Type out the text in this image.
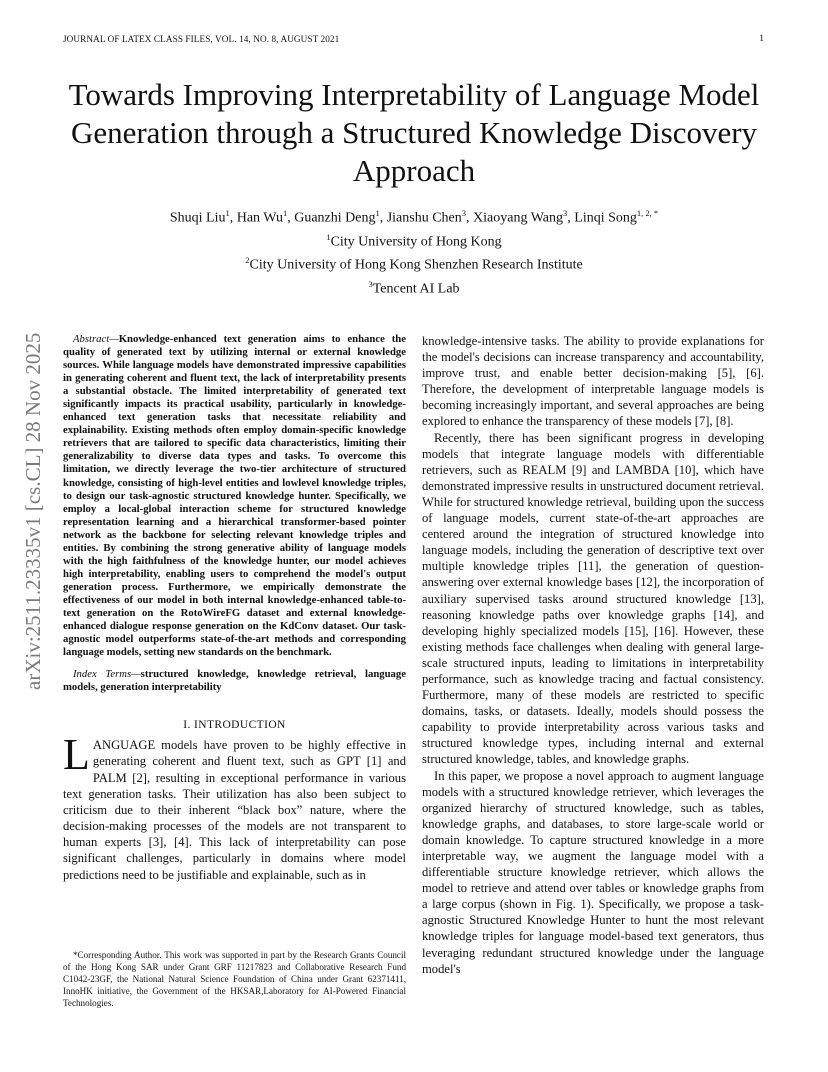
JOURNAL OF LATEX CLASS FILES, VOL. 14, NO. 8, AUGUST 2021	1
Towards Improving Interpretability of Language Model Generation through a Structured Knowledge Discovery Approach
Shuqi Liu$^1$, Han Wu$^1$, Guanzhi Deng$^1$, Jianshu Chen$^3$, Xiaoyang Wang$^3$, Linqi Song$^{1, 2, *}$
$^1$City University of Hong Kong
$^2$City University of Hong Kong Shenzhen Research Institute
$^3$Tencent AI Lab
arXiv:2511.23335v1 [cs.CL] 28 Nov 2025	Abstract—Knowledge-enhanced text generation aims to enhance the quality of generated text by utilizing internal or external knowledge sources. While language models have demonstrated impressive capabilities in generating coherent and fluent text, the lack of interpretability presents a substantial obstacle. The limited interpretability of generated text significantly impacts its practical usability, particularly in knowledge-enhanced text generation tasks that necessitate reliability and explainability. Existing methods often employ domain-specific knowledge retrievers that are tailored to specific data characteristics, limiting their generalizability to diverse data types and tasks. To overcome this limitation, we directly leverage the two-tier architecture of structured knowledge, consisting of high-level entities and lowlevel knowledge triples, to design our task-agnostic structured knowledge hunter. Specifically, we employ a local-global interaction scheme for structured knowledge representation learning and a hierarchical transformer-based pointer network as the backbone for selecting relevant knowledge triples and entities. By combining the strong generative ability of language models with the high faithfulness of the knowledge hunter, our model achieves high interpretability, enabling users to comprehend the model's output generation process. Furthermore, we empirically demonstrate the effectiveness of our model in both internal knowledge-enhanced table-to-text generation on the RotoWireFG dataset and external knowledge-enhanced dialogue response generation on the KdConv dataset. Our task-agnostic model outperforms state-of-the-art methods and corresponding language models, setting new standards on the benchmark.

Index Terms—structured knowledge, knowledge retrieval, language models, generation interpretability

I. INTRODUCTION

LANGUAGE models have proven to be highly effective in generating coherent and fluent text, such as GPT [1] and PALM [2], resulting in exceptional performance in various text generation tasks. Their utilization has also been subject to criticism due to their inherent “black box” nature, where the decision-making processes of the models are not transparent to human experts [3], [4]. This lack of interpretability can pose significant challenges, particularly in domains where model predictions need to be justifiable and explainable, such as in

*Corresponding Author. This work was supported in part by the Research Grants Council of the Hong Kong SAR under Grant GRF 11217823 and Collaborative Research Fund C1042-23GF, the National Natural Science Foundation of China under Grant 62371411, InnoHK initiative, the Government of the HKSAR,Laboratory for AI-Powered Financial Technologies.

knowledge-intensive tasks. The ability to provide explanations for the model's decisions can increase transparency and accountability, improve trust, and enable better decision-making [5], [6]. Therefore, the development of interpretable language models is becoming increasingly important, and several approaches are being explored to enhance the transparency of these models [7], [8].

Recently, there has been significant progress in developing models that integrate language models with differentiable retrievers, such as REALM [9] and LAMBDA [10], which have demonstrated impressive results in unstructured document retrieval. While for structured knowledge retrieval, building upon the success of language models, current state-of-the-art approaches are centered around the integration of structured knowledge into language models, including the generation of descriptive text over multiple knowledge triples [11], the generation of question-answering over external knowledge bases [12], the incorporation of auxiliary supervised tasks around structured knowledge [13], reasoning knowledge paths over knowledge graphs [14], and developing highly specialized models [15], [16]. However, these existing methods face challenges when dealing with general large-scale structured inputs, leading to limitations in interpretability performance, such as knowledge tracing and factual consistency. Furthermore, many of these models are restricted to specific domains, tasks, or datasets. Ideally, models should possess the capability to provide interpretability across various tasks and structured knowledge types, including internal and external structured knowledge, tables, and knowledge graphs.

In this paper, we propose a novel approach to augment language models with a structured knowledge retriever, which leverages the organized hierarchy of structured knowledge, such as tables, knowledge graphs, and databases, to store large-scale world or domain knowledge. To capture structured knowledge in a more interpretable way, we augment the language model with a differentiable structure knowledge retriever, which allows the model to retrieve and attend over tables or knowledge graphs from a large corpus (shown in Fig. 1). Specifically, we propose a task-agnostic Structured Knowledge Hunter to hunt the most relevant knowledge triples for language model-based text generators, thus leveraging redundant structured knowledge under the language model's
